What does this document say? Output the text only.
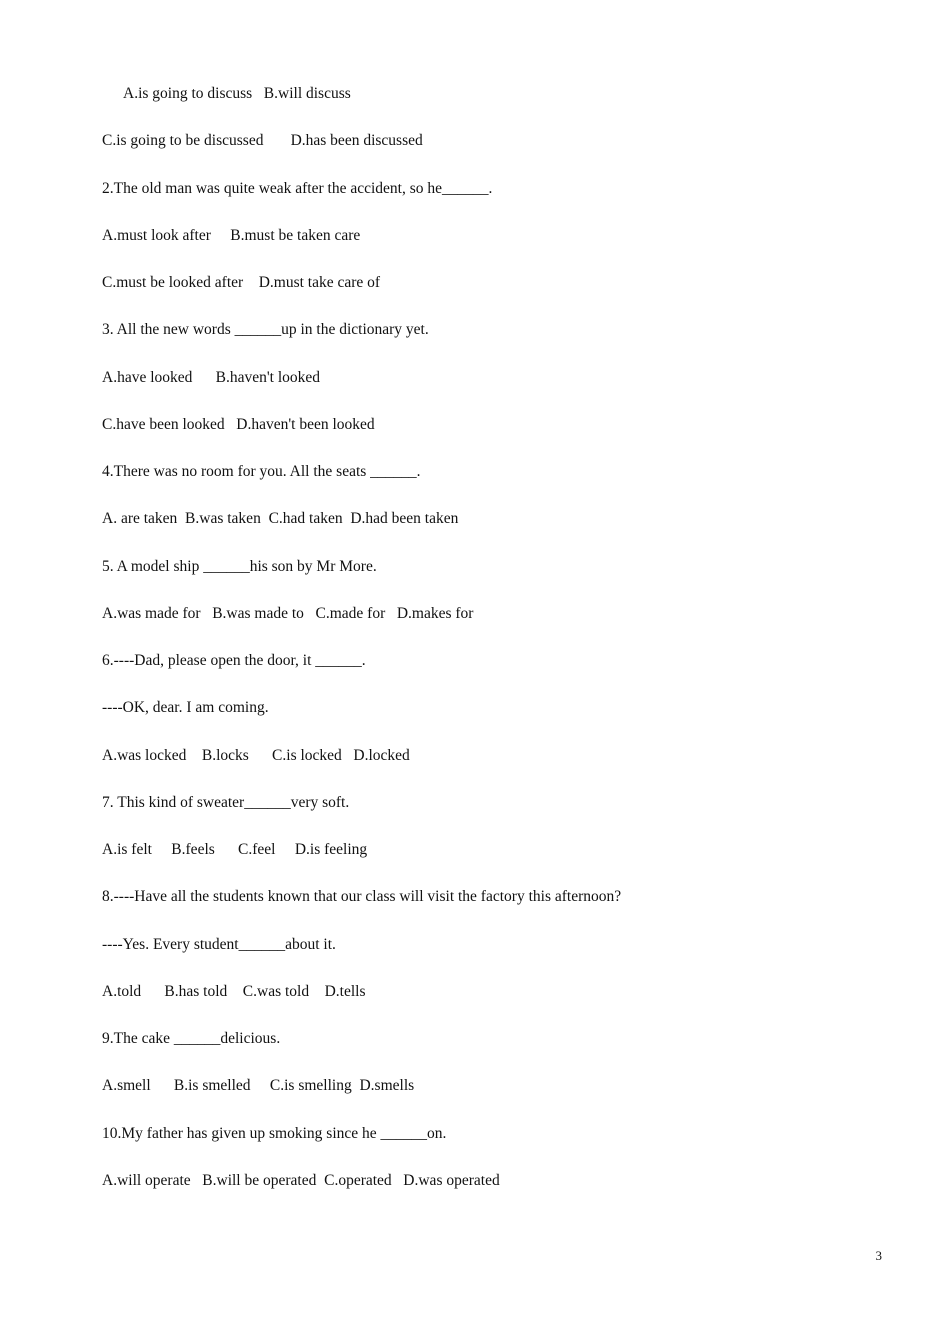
A.is going to discuss   B.will discuss
C.is going to be discussed       D.has been discussed
2.The old man was quite weak after the accident, so he______.
A.must look after     B.must be taken care
C.must be looked after    D.must take care of
3. All the new words ______up in the dictionary yet.
A.have looked      B.haven't looked
C.have been looked   D.haven't been looked
4.There was no room for you. All the seats ______.
A. are taken  B.was taken  C.had taken  D.had been taken
5. A model ship ______his son by Mr More.
A.was made for   B.was made to   C.made for   D.makes for
6.----Dad, please open the door, it ______.
----OK, dear. I am coming.
A.was locked    B.locks      C.is locked   D.locked
7. This kind of sweater______very soft.
A.is felt     B.feels      C.feel     D.is feeling
8.----Have all the students known that our class will visit the factory this afternoon?
----Yes. Every student______about it.
A.told      B.has told    C.was told    D.tells
9.The cake ______delicious.
A.smell      B.is smelled     C.is smelling  D.smells
10.My father has given up smoking since he ______on.
A.will operate   B.will be operated  C.operated   D.was operated
3
